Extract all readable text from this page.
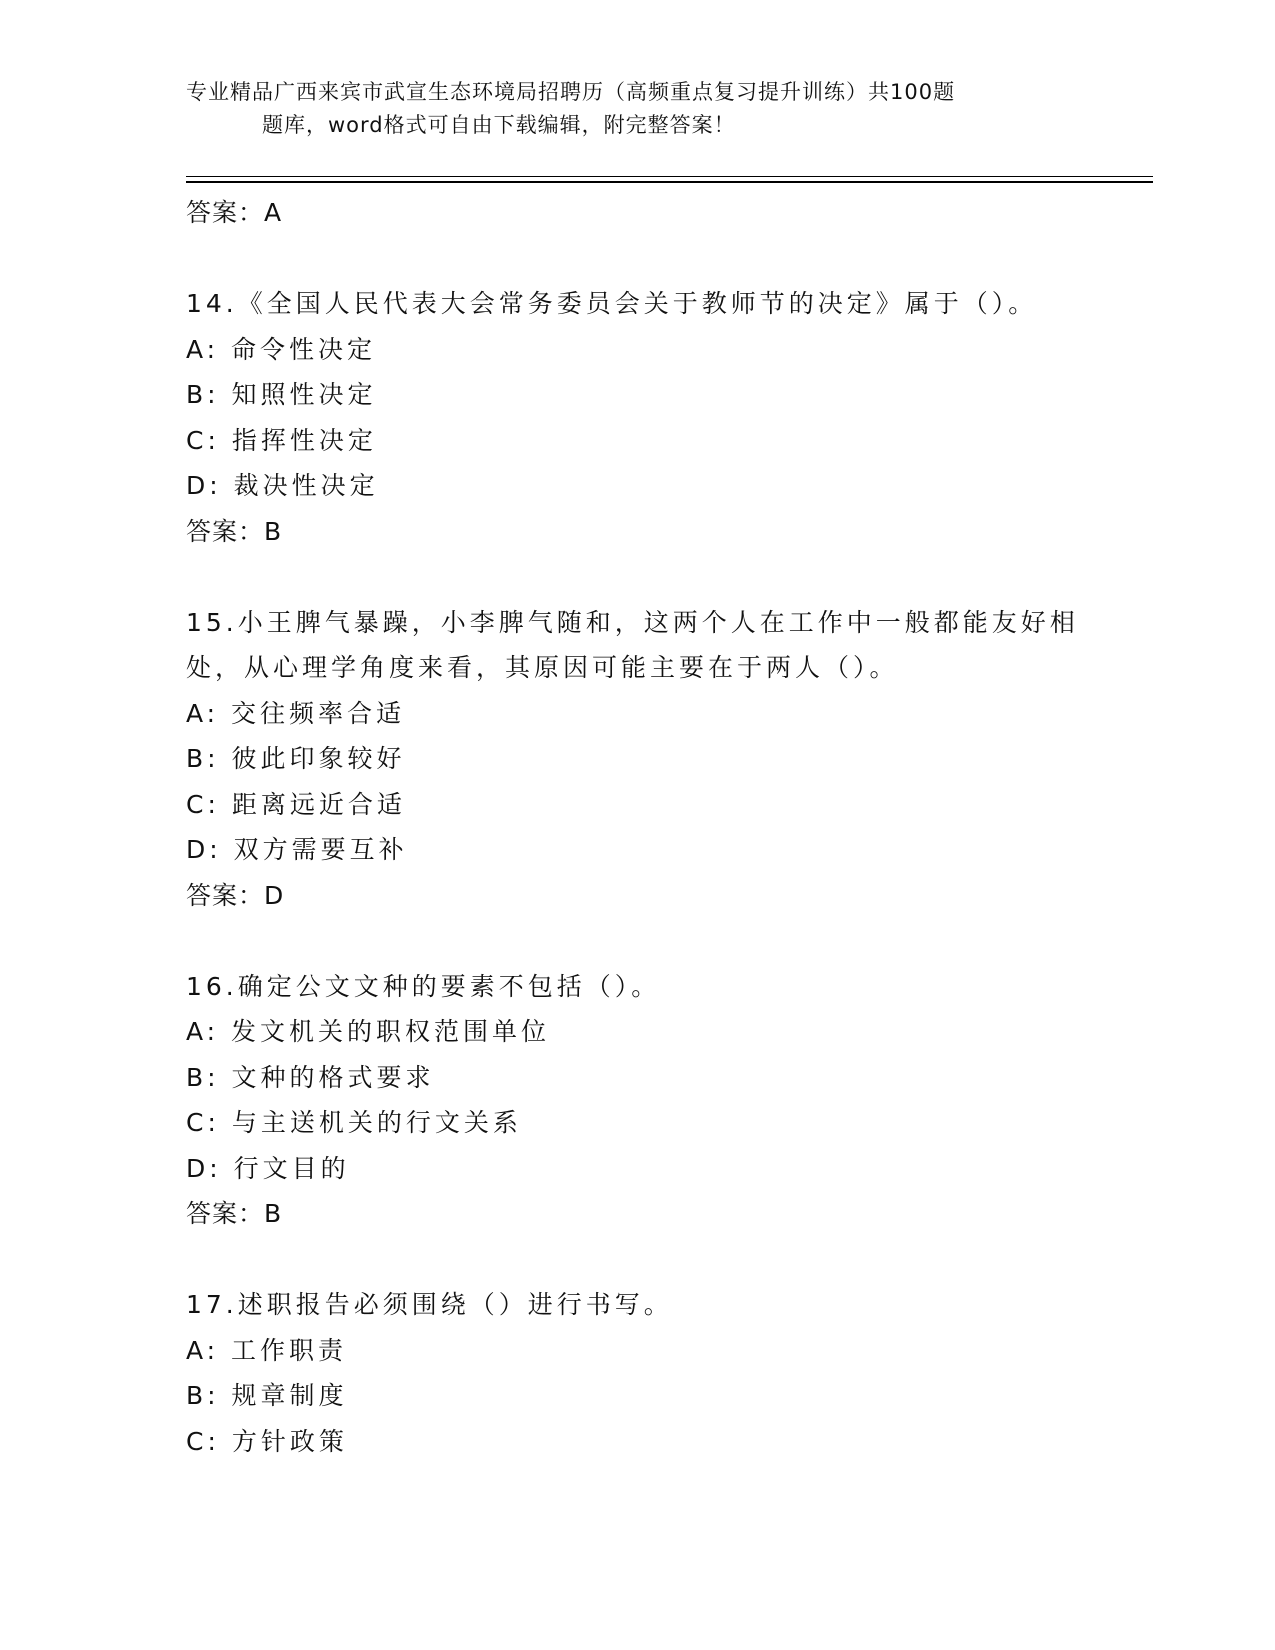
专业精品广西来宾市武宣生态环境局招聘历（高频重点复习提升训练）共100题
题库，word格式可自由下载编辑，附完整答案！
答案：A
14.《全国人民代表大会常务委员会关于教师节的决定》属于（）。
A: 命令性决定
B: 知照性决定
C: 指挥性决定
D: 裁决性决定
答案：B
15.小王脾气暴躁，小李脾气随和，这两个人在工作中一般都能友好相
处，从心理学角度来看，其原因可能主要在于两人（）。
A: 交往频率合适
B: 彼此印象较好
C: 距离远近合适
D: 双方需要互补
答案：D
16.确定公文文种的要素不包括（）。
A: 发文机关的职权范围单位
B: 文种的格式要求
C: 与主送机关的行文关系
D: 行文目的
答案：B
17.述职报告必须围绕（）进行书写。
A: 工作职责
B: 规章制度
C: 方针政策
